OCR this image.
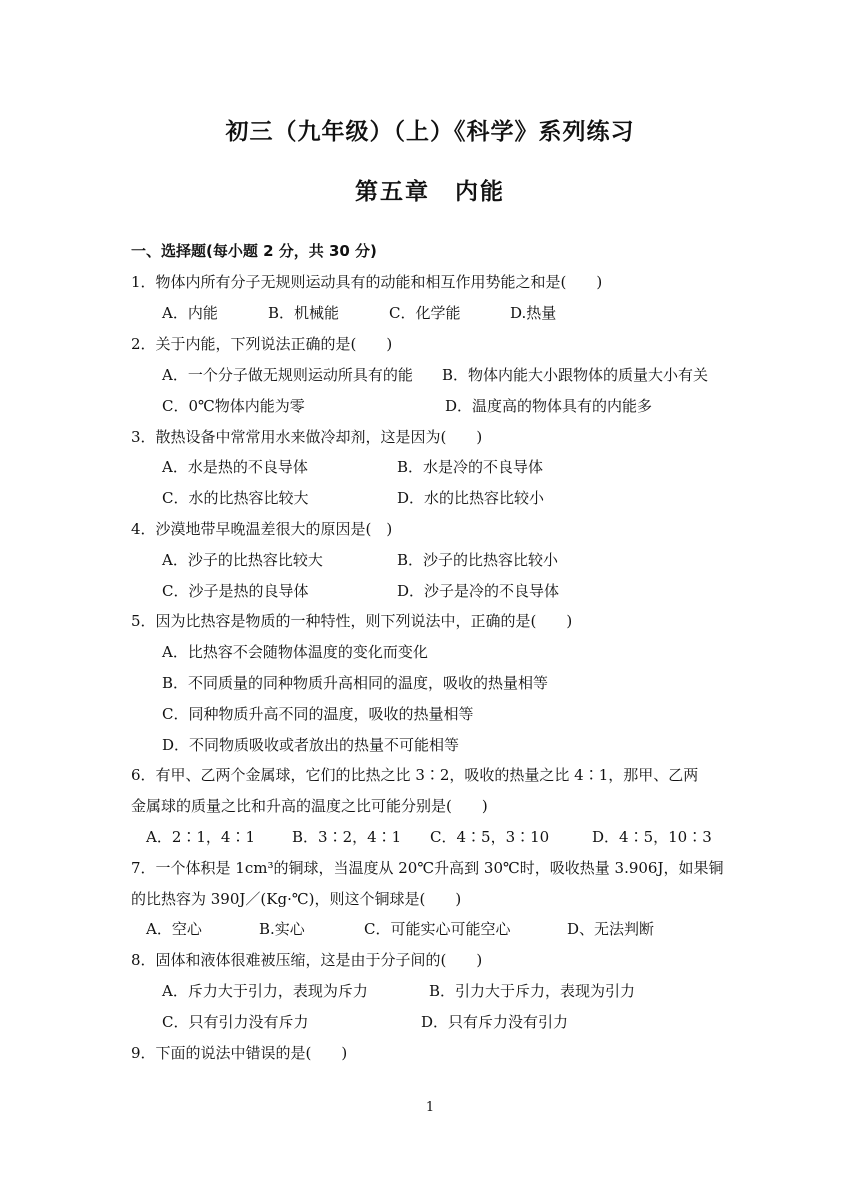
初三（九年级）（上）《科学》系列练习
第五章　内能
一、选择题(每小题 2 分，共 30 分)
1．物体内所有分子无规则运动具有的动能和相互作用势能之和是(　　)
A．内能	B．机械能	C．化学能	D.热量
2．关于内能，下列说法正确的是(　　)
A．一个分子做无规则运动所具有的能 B．物体内能大小跟物体的质量大小有关
C．0℃物体内能为零	D．温度高的物体具有的内能多
3．散热设备中常常用水来做冷却剂，这是因为(　　)
A．水是热的不良导体	B．水是冷的不良导体
C．水的比热容比较大	D．水的比热容比较小
4．沙漠地带早晚温差很大的原因是(　)
A．沙子的比热容比较大	B．沙子的比热容比较小
C．沙子是热的良导体	D．沙子是冷的不良导体
5．因为比热容是物质的一种特性，则下列说法中，正确的是(　　)
A．比热容不会随物体温度的变化而变化
B．不同质量的同种物质升高相同的温度，吸收的热量相等
C．同种物质升高不同的温度，吸收的热量相等
D．不同物质吸收或者放出的热量不可能相等
6．有甲、乙两个金属球，它们的比热之比 3∶2，吸收的热量之比 4∶1，那甲、乙两
金属球的质量之比和升高的温度之比可能分别是(　　)
A．2∶1，4∶1 B．3∶2，4∶1 C．4∶5，3∶10	D．4∶5，10∶3
7．一个体积是 1cm³的铜球，当温度从 20℃升高到 30℃时，吸收热量 3.906J，如果铜
的比热容为 390J／(Kg·℃)，则这个铜球是(　　)
A．空心	B.实心	C．可能实心可能空心	D、无法判断
8．固体和液体很难被压缩，这是由于分子间的(　　)
A．斥力大于引力，表现为斥力	B．引力大于斥力，表现为引力
C．只有引力没有斥力	D．只有斥力没有引力
9．下面的说法中错误的是(　　)
1
